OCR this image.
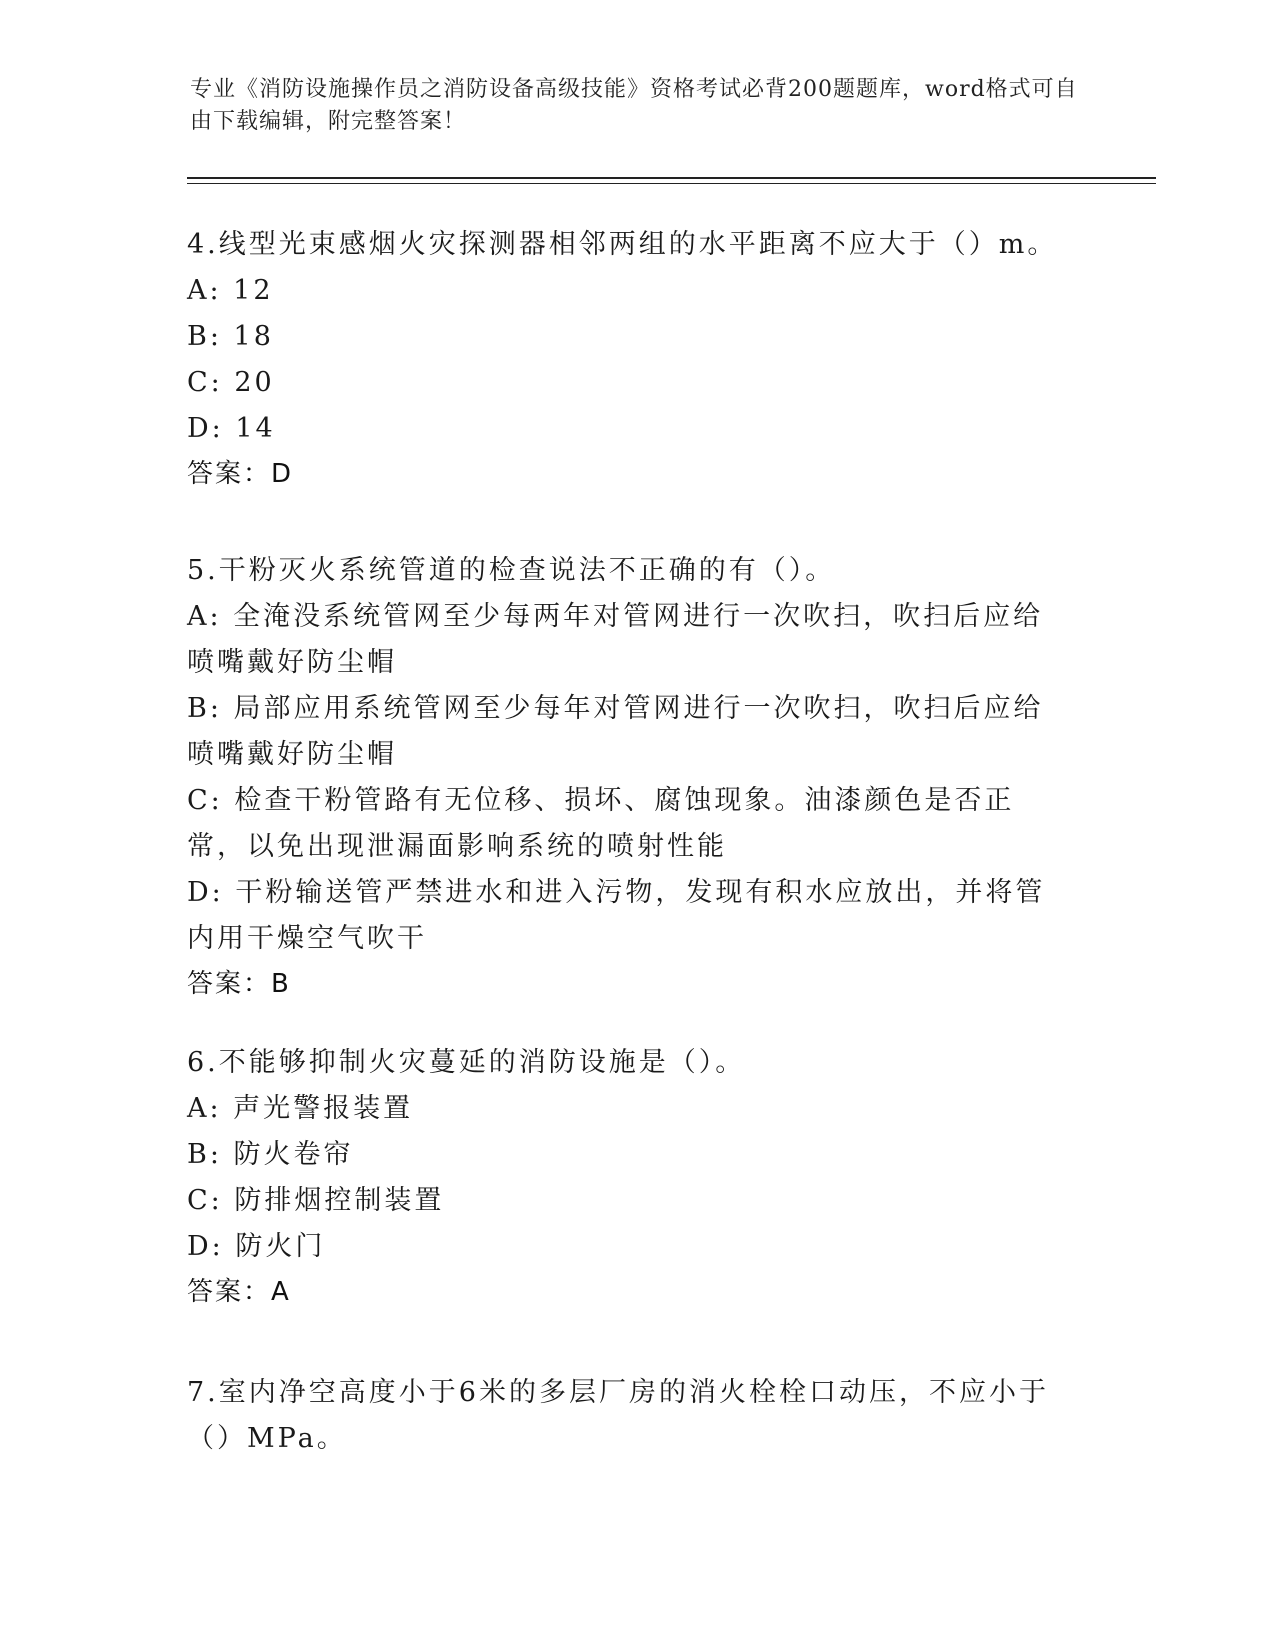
专业《消防设施操作员之消防设备高级技能》资格考试必背200题题库，word格式可自由下载编辑，附完整答案！
4.线型光束感烟火灾探测器相邻两组的水平距离不应大于（）m。
A: 12
B: 18
C: 20
D: 14
答案：D
5.干粉灭火系统管道的检查说法不正确的有（）。
A: 全淹没系统管网至少每两年对管网进行一次吹扫，吹扫后应给喷嘴戴好防尘帽
B: 局部应用系统管网至少每年对管网进行一次吹扫，吹扫后应给喷嘴戴好防尘帽
C: 检查干粉管路有无位移、损坏、腐蚀现象。油漆颜色是否正常，以免出现泄漏面影响系统的喷射性能
D: 干粉输送管严禁进水和进入污物，发现有积水应放出，并将管内用干燥空气吹干
答案：B
6.不能够抑制火灾蔓延的消防设施是（）。
A: 声光警报装置
B: 防火卷帘
C: 防排烟控制装置
D: 防火门
答案：A
7.室内净空高度小于6米的多层厂房的消火栓栓口动压，不应小于（）MPa。
